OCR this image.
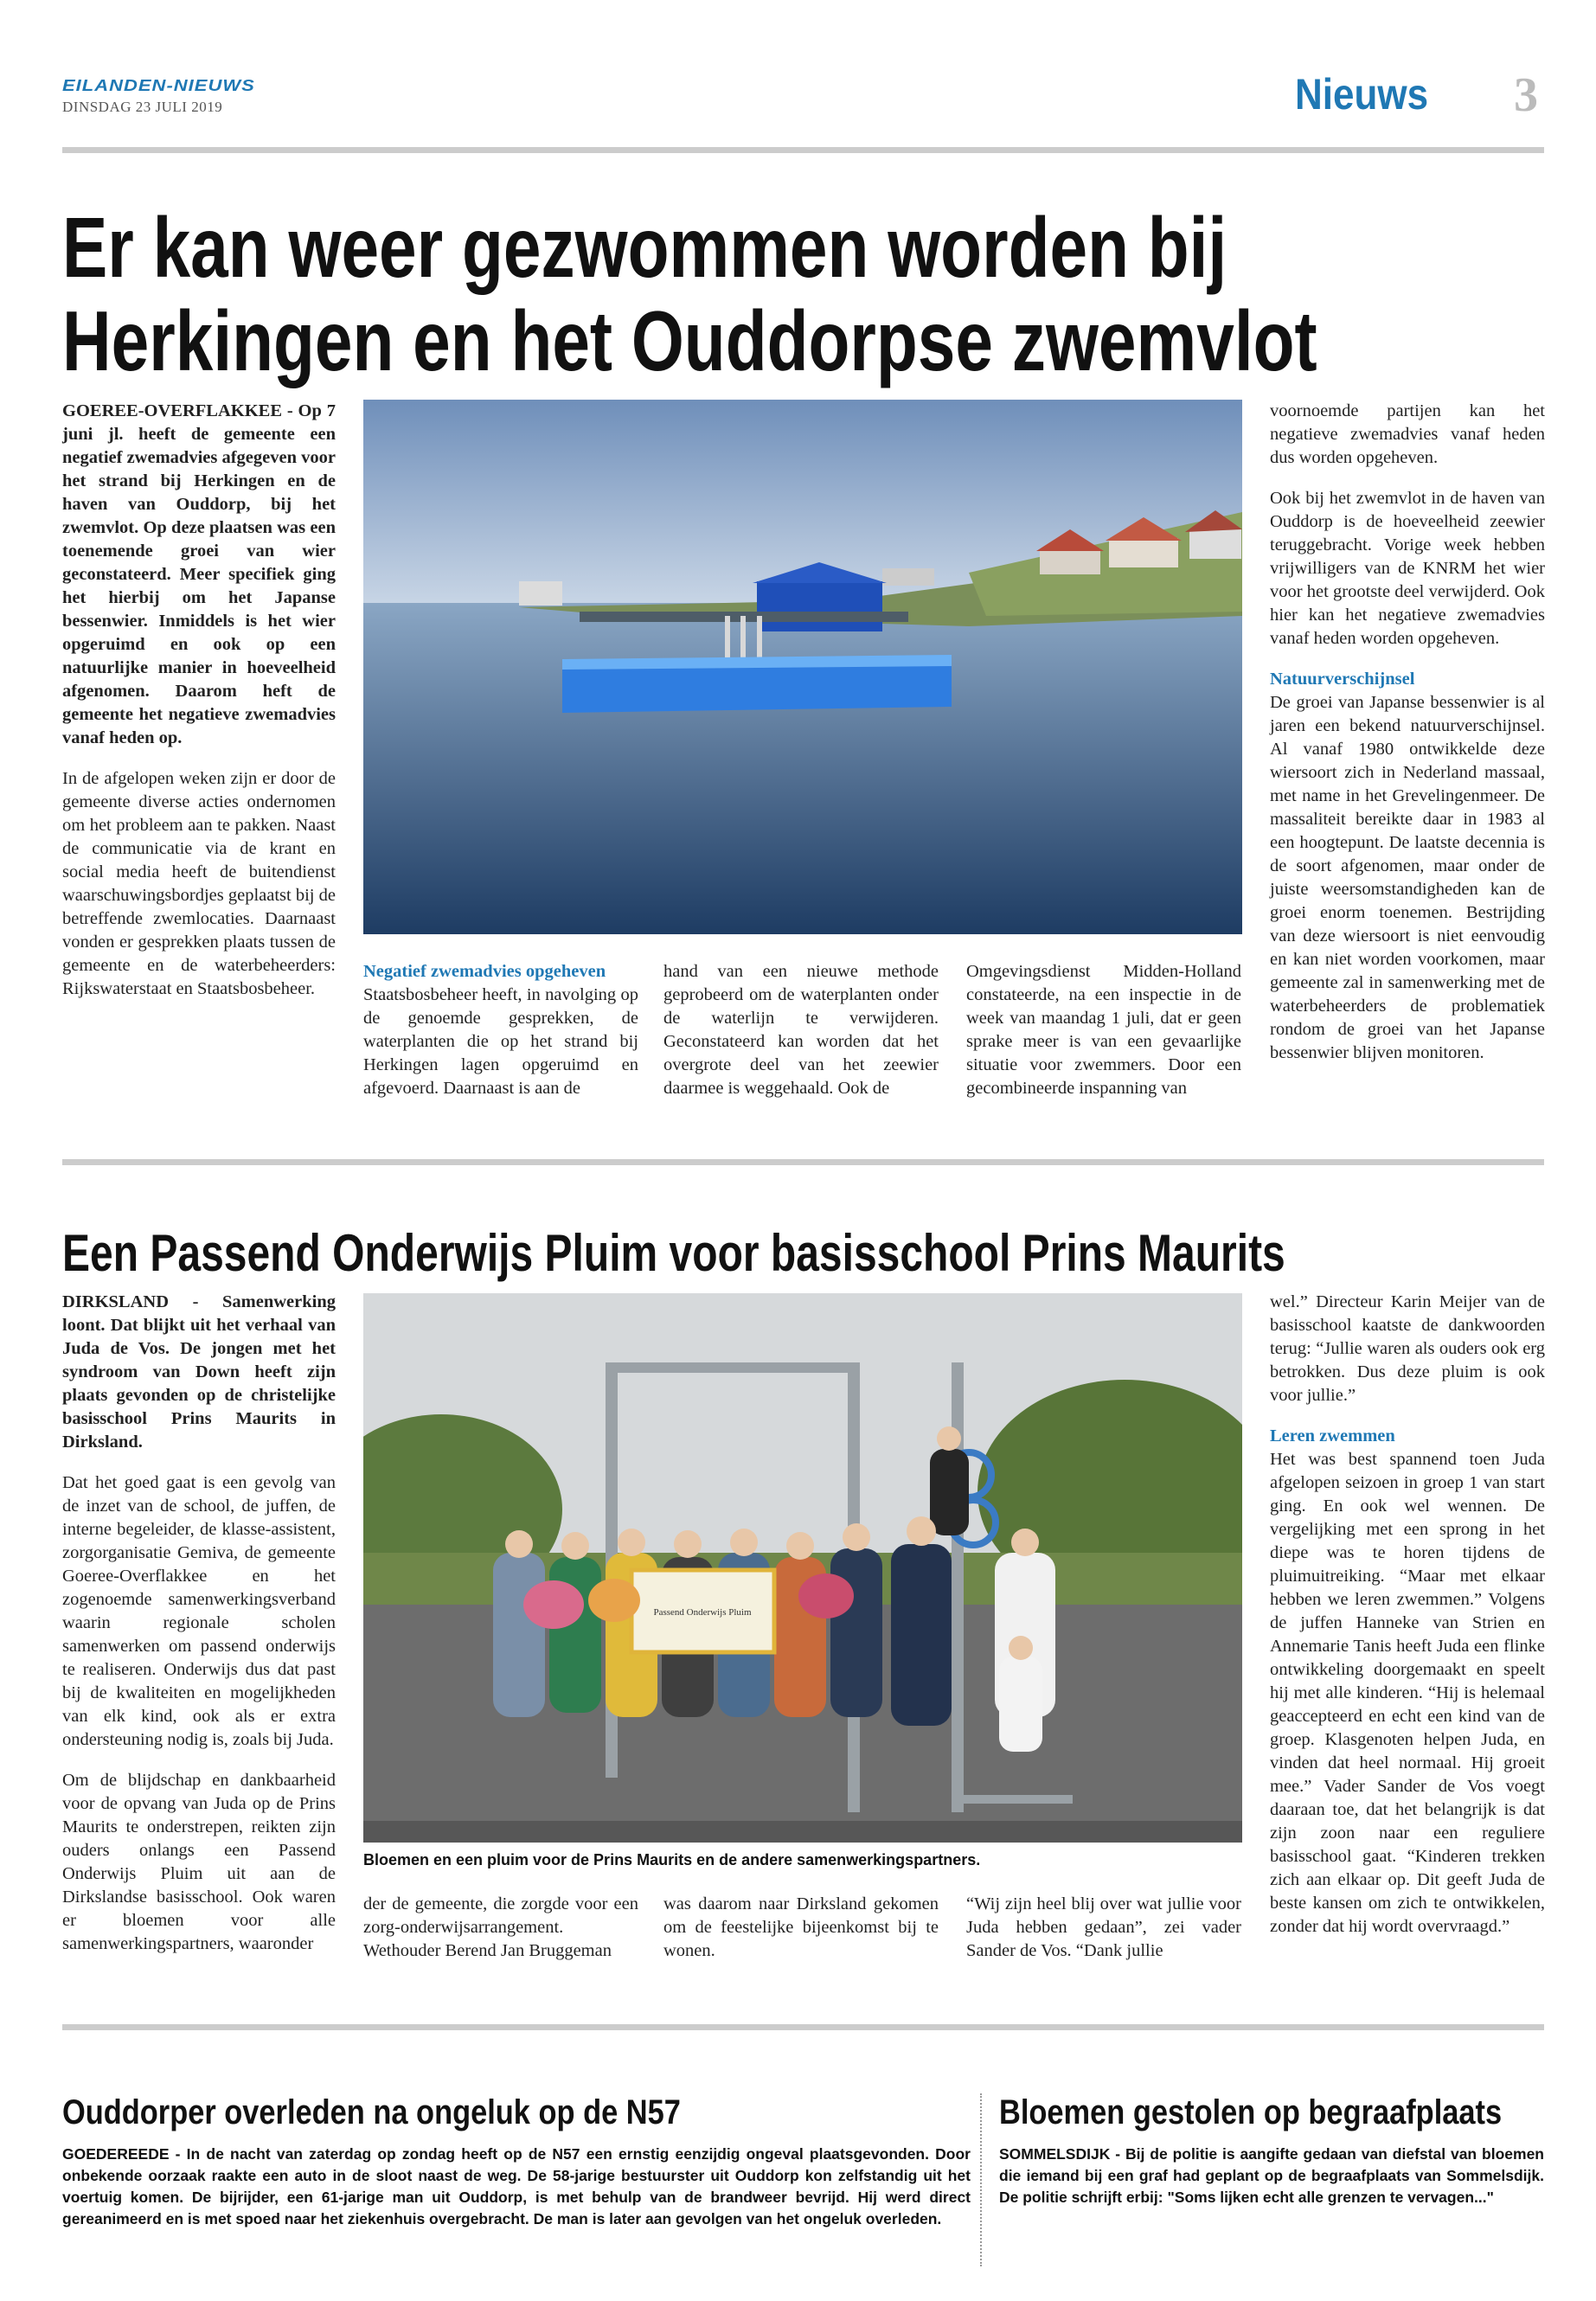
EILANDEN-NIEUWS
DINSDAG 23 JULI 2019	Nieuws 3
Er kan weer gezwommen worden bij
Herkingen en het Ouddorpse zwemvlot

GOEREE-OVERFLAKKEE - Op 7 juni jl. heeft de gemeente een negatief zwemadvies afgegeven voor het strand bij Herkingen en de haven van Ouddorp, bij het zwemvlot. Op deze plaatsen was een toenemende groei van wier geconstateerd. Meer specifiek ging het hierbij om het Japanse bessenwier. Inmiddels is het wier opgeruimd en ook op een natuurlijke manier in hoeveelheid afgenomen. Daarom heft de gemeente het negatieve zwemadvies vanaf heden op.

In de afgelopen weken zijn er door de gemeente diverse acties ondernomen om het probleem aan te pakken. Naast de communicatie via de krant en social media heeft de buitendienst waarschuwingsbordjes geplaatst bij de betreffende zwemlocaties. Daarnaast vonden er gesprekken plaats tussen de gemeente en de waterbeheerders: Rijkswaterstaat en Staatsbosbeheer.

Negatief zwemadvies opgeheven
Staatsbosbeheer heeft, in navolging op de genoemde gesprekken, de waterplanten die op het strand bij Herkingen lagen opgeruimd en afgevoerd. Daarnaast is aan de
hand van een nieuwe methode geprobeerd om de waterplanten onder de waterlijn te verwijderen. Geconstateerd kan worden dat het overgrote deel van het zeewier daarmee is weggehaald. Ook de
Omgevingsdienst Midden-Holland constateerde, na een inspectie in de week van maandag 1 juli, dat er geen sprake meer is van een gevaarlijke situatie voor zwemmers. Door een gecombineerde inspanning van

voornoemde partijen kan het negatieve zwemadvies vanaf heden dus worden opgeheven.

Ook bij het zwemvlot in de haven van Ouddorp is de hoeveelheid zeewier teruggebracht. Vorige week hebben vrijwilligers van de KNRM het wier voor het grootste deel verwijderd. Ook hier kan het negatieve zwemadvies vanaf heden worden opgeheven.

Natuurverschijnsel
De groei van Japanse bessenwier is al jaren een bekend natuurverschijnsel. Al vanaf 1980 ontwikkelde deze wiersoort zich in Nederland massaal, met name in het Grevelingenmeer. De massaliteit bereikte daar in 1983 al een hoogtepunt. De laatste decennia is de soort afgenomen, maar onder de juiste weersomstandigheden kan de groei enorm toenemen. Bestrijding van deze wiersoort is niet eenvoudig en kan niet worden voorkomen, maar gemeente zal in samenwerking met de waterbeheerders de problematiek rondom de groei van het Japanse bessenwier blijven monitoren.
Een Passend Onderwijs Pluim voor basisschool Prins Maurits

DIRKSLAND - Samenwerking loont. Dat blijkt uit het verhaal van Juda de Vos. De jongen met het syndroom van Down heeft zijn plaats gevonden op de christelijke basisschool Prins Maurits in Dirksland.

Dat het goed gaat is een gevolg van de inzet van de school, de juffen, de interne begeleider, de klasse-assistent, zorgorganisatie Gemiva, de gemeente Goeree-Overflakkee en het zogenoemde samenwerkingsverband waarin regionale scholen samenwerken om passend onderwijs te realiseren. Onderwijs dus dat past bij de kwaliteiten en mogelijkheden van elk kind, ook als er extra ondersteuning nodig is, zoals bij Juda.

Om de blijdschap en dankbaarheid voor de opvang van Juda op de Prins Maurits te onderstrepen, reikten zijn ouders onlangs een Passend Onderwijs Pluim uit aan de Dirkslandse basisschool. Ook waren er bloemen voor alle samenwerkingspartners, waaronder

Passend Onderwijs Pluim
Bloemen en een pluim voor de Prins Maurits en de andere samenwerkingspartners.
der de gemeente, die zorgde voor een zorg-onderwijsarrangement. Wethouder Berend Jan Bruggeman
was daarom naar Dirksland gekomen om de feestelijke bijeenkomst bij te wonen.
“Wij zijn heel blij over wat jullie voor Juda hebben gedaan”, zei vader Sander de Vos. “Dank jullie

wel.” Directeur Karin Meijer van de basisschool kaatste de dankwoorden terug: “Jullie waren als ouders ook erg betrokken. Dus deze pluim is ook voor jullie.”

Leren zwemmen
Het was best spannend toen Juda afgelopen seizoen in groep 1 van start ging. En ook wel wennen. De vergelijking met een sprong in het diepe was te horen tijdens de pluimuitreiking. “Maar met elkaar hebben we leren zwemmen.” Volgens de juffen Hanneke van Strien en Annemarie Tanis heeft Juda een flinke ontwikkeling doorgemaakt en speelt hij met alle kinderen. “Hij is helemaal geaccepteerd en echt een kind van de groep. Klasgenoten helpen Juda, en vinden dat heel normaal. Hij groeit mee.” Vader Sander de Vos voegt daaraan toe, dat het belangrijk is dat zijn zoon naar een reguliere basisschool gaat. “Kinderen trekken zich aan elkaar op. Dit geeft Juda de beste kansen om zich te ontwikkelen, zonder dat hij wordt overvraagd.”
Ouddorper overleden na ongeluk op de N57
GOEDEREEDE - In de nacht van zaterdag op zondag heeft op de N57 een ernstig eenzijdig ongeval plaatsgevonden. Door onbekende oorzaak raakte een auto in de sloot naast de weg. De 58-jarige bestuurster uit Ouddorp kon zelfstandig uit het voertuig komen. De bijrijder, een 61-jarige man uit Ouddorp, is met behulp van de brandweer bevrijd. Hij werd direct gereanimeerd en is met spoed naar het ziekenhuis overgebracht. De man is later aan gevolgen van het ongeluk overleden.
Bloemen gestolen op begraafplaats
SOMMELSDIJK - Bij de politie is aangifte gedaan van diefstal van bloemen die iemand bij een graf had geplant op de begraafplaats van Sommelsdijk. De politie schrijft erbij: "Soms lijken echt alle grenzen te vervagen..."
